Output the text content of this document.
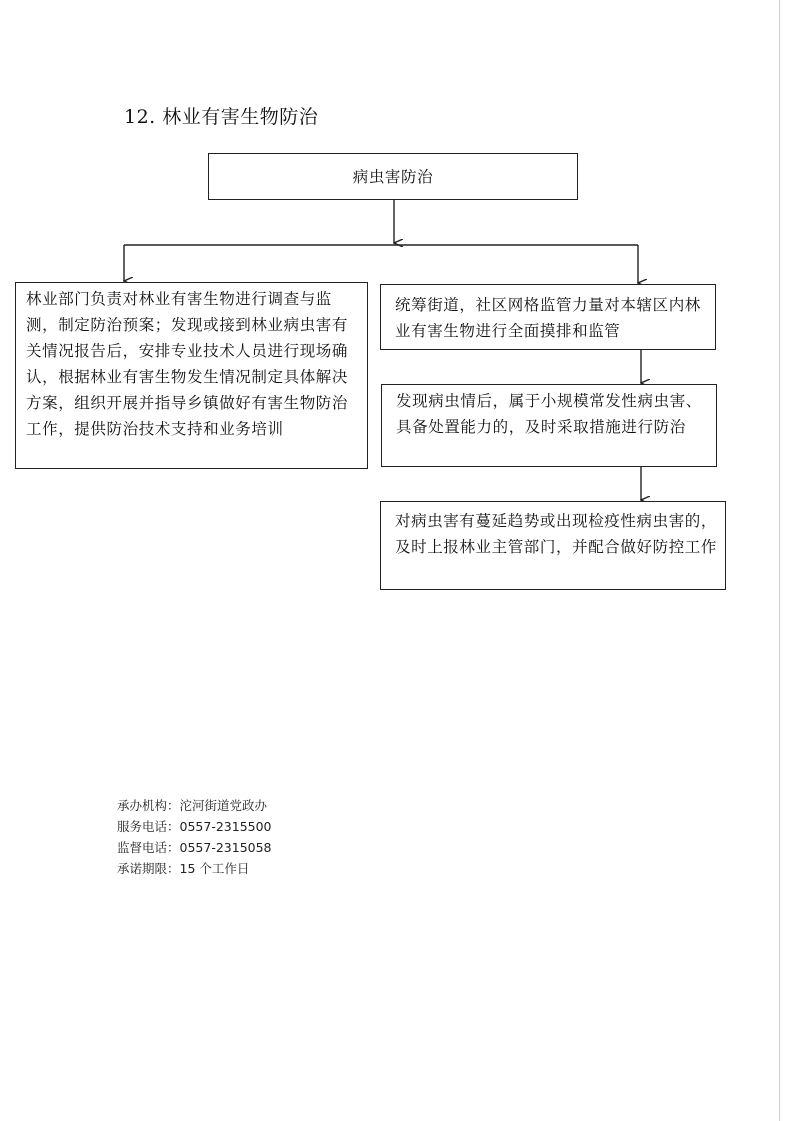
12. 林业有害生物防治
病虫害防治
林业部门负责对林业有害生物进行调查与监测，制定防治预案；发现或接到林业病虫害有关情况报告后，安排专业技术人员进行现场确认，根据林业有害生物发生情况制定具体解决方案，组织开展并指导乡镇做好有害生物防治工作，提供防治技术支持和业务培训
统筹街道，社区网格监管力量对本辖区内林业有害生物进行全面摸排和监管
发现病虫情后，属于小规模常发性病虫害、具备处置能力的，及时采取措施进行防治
对病虫害有蔓延趋势或出现检疫性病虫害的，及时上报林业主管部门，并配合做好防控工作
承办机构：沱河街道党政办
服务电话：0557-2315500
监督电话：0557-2315058
承诺期限：15 个工作日
